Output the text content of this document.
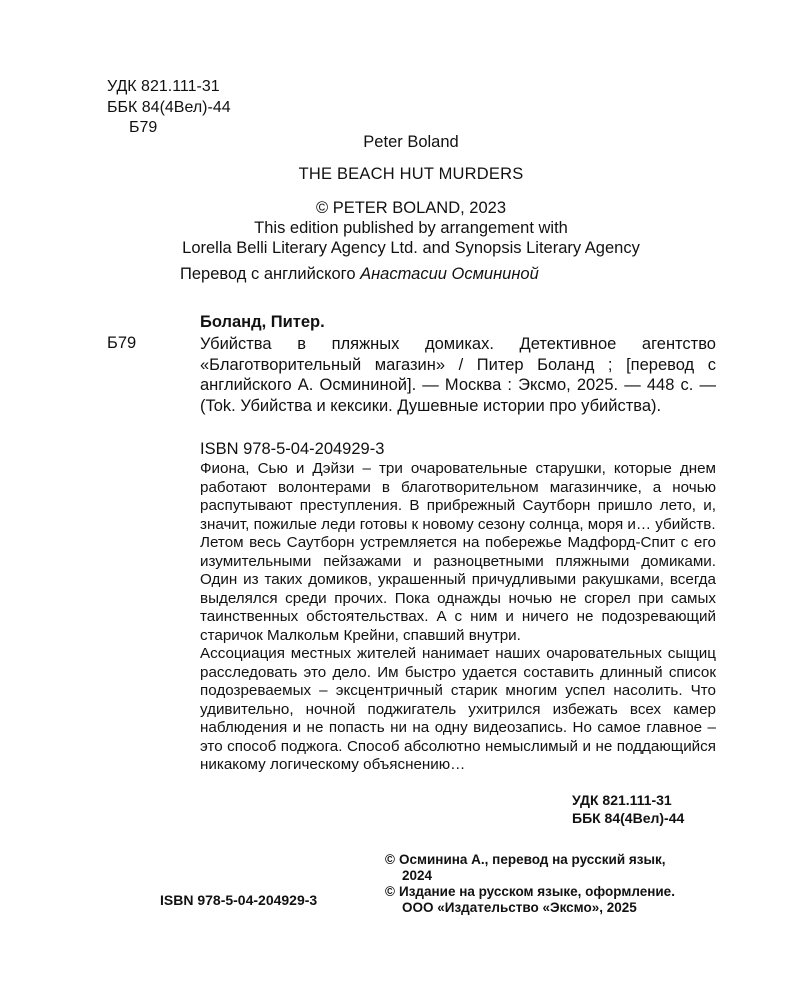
УДК 821.111-31
ББК 84(4Вел)-44
Б79
Peter Boland
THE BEACH HUT MURDERS
© PETER BOLAND, 2023
This edition published by arrangement with
Lorella Belli Literary Agency Ltd. and Synopsis Literary Agency
Перевод с английского Анастасии Осмининой
Боланд, Питер.
Б79	Убийства в пляжных домиках. Детективное агентство «Благотворительный магазин» / Питер Боланд ; [перевод с английского А. Осмининой]. — Москва : Эксмо, 2025. — 448 с. — (Tok. Убийства и кексики. Душевные истории про убийства).
ISBN 978-5-04-204929-3

Фиона, Сью и Дэйзи – три очаровательные старушки, которые днем работают волонтерами в благотворительном магазинчике, а ночью распутывают преступления. В прибрежный Саутборн пришло лето, и, значит, пожилые леди готовы к новому сезону солнца, моря и… убийств.

Летом весь Саутборн устремляется на побережье Мадфорд-Спит с его изумительными пейзажами и разноцветными пляжными домиками. Один из таких домиков, украшенный причудливыми ракушками, всегда выделялся среди прочих. Пока однажды ночью не сгорел при самых таинственных обстоятельствах. А с ним и ничего не подозревающий старичок Малкольм Крейни, спавший внутри.

Ассоциация местных жителей нанимает наших очаровательных сыщиц расследовать это дело. Им быстро удается составить длинный список подозреваемых – эксцентричный старик многим успел насолить. Что удивительно, ночной поджигатель ухитрился избежать всех камер наблюдения и не попасть ни на одну видеозапись. Но самое главное – это способ поджога. Способ абсолютно немыслимый и не поддающийся никакому логическому объяснению…

УДК 821.111-31
ББК 84(4Вел)-44
© Осминина А., перевод на русский язык,
2024
© Издание на русском языке, оформление.
ООО «Издательство «Эксмо», 2025
ISBN 978-5-04-204929-3
